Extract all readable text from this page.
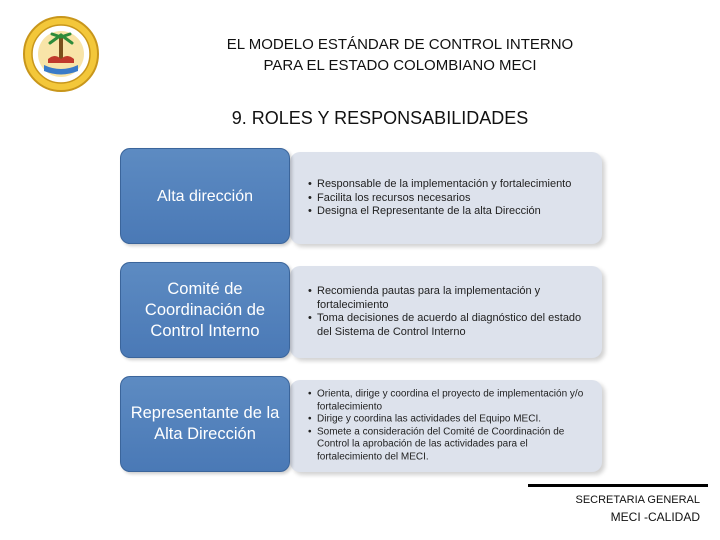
EL MODELO ESTÁNDAR DE CONTROL INTERNO
PARA EL ESTADO COLOMBIANO MECI
9. ROLES Y RESPONSABILIDADES
• Responsable de la implementación y fortalecimiento
• Facilita los recursos necesarios
• Designa el Representante de la alta Dirección
Alta dirección
• Recomienda pautas para la implementación y fortalecimiento
• Toma decisiones de acuerdo al diagnóstico del estado del Sistema de Control Interno
Comité de Coordinación de Control Interno
• Orienta, dirige y coordina el proyecto de implementación y/o fortalecimiento
• Dirige y coordina las actividades del Equipo MECI.
• Somete a consideración del Comité de Coordinación de Control la aprobación de las actividades para el fortalecimiento del MECI.
Representante de la Alta Dirección
SECRETARIA GENERAL
MECI -CALIDAD
